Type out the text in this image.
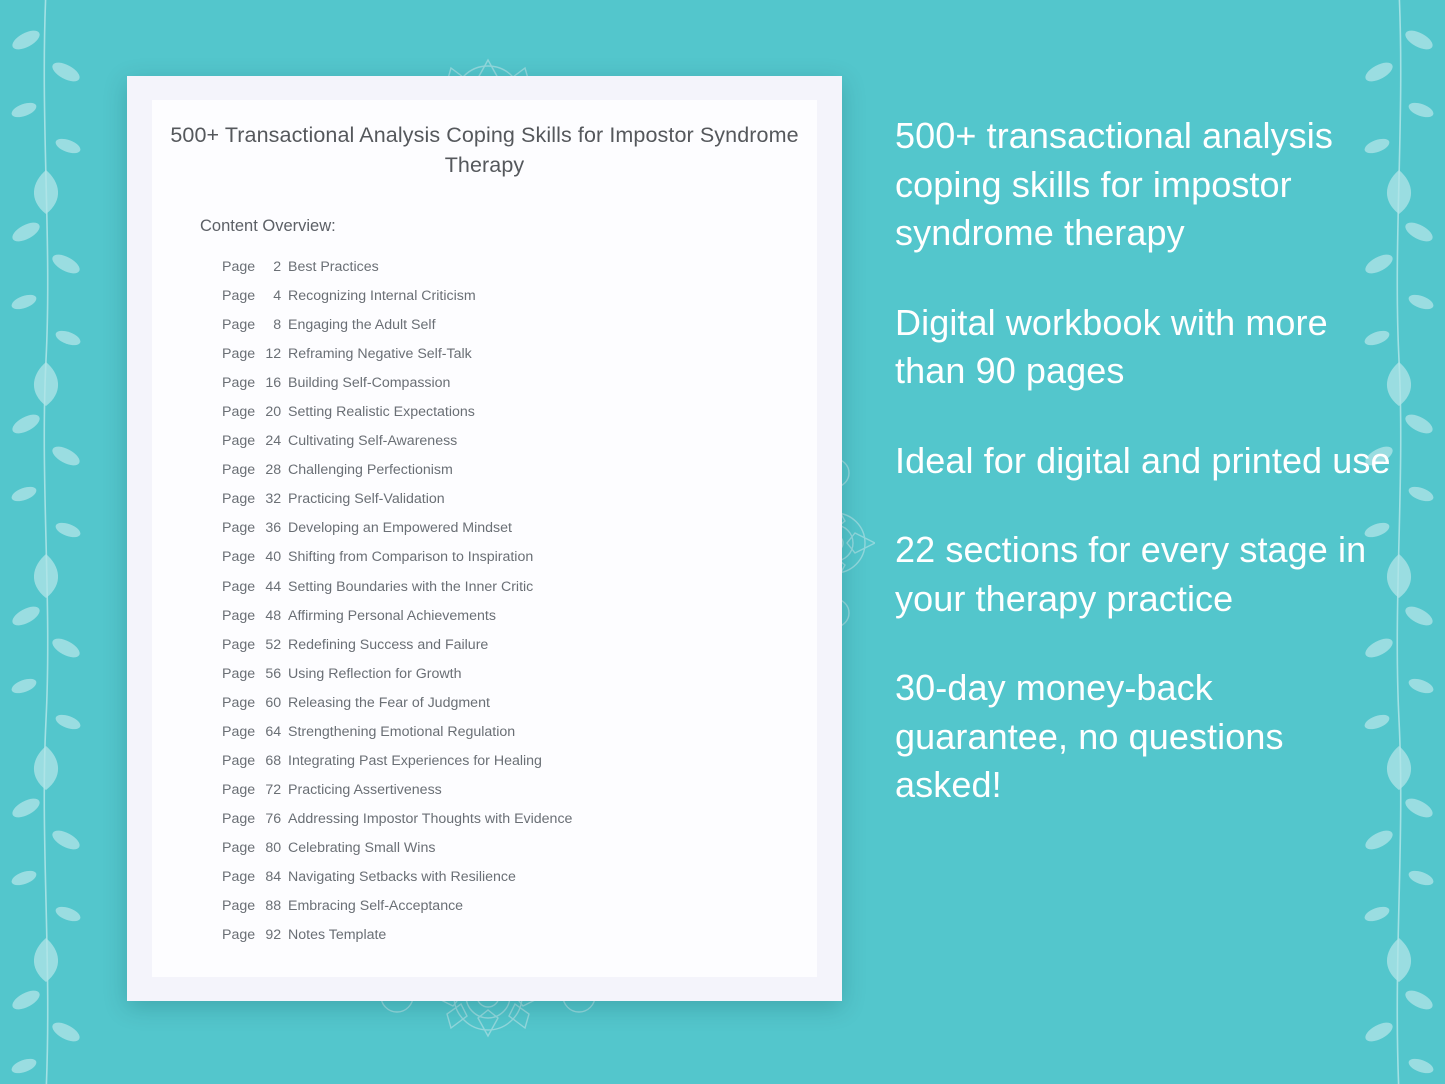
500+ Transactional Analysis Coping Skills for Impostor Syndrome Therapy
Content Overview:
Page 2 Best Practices
Page 4 Recognizing Internal Criticism
Page 8 Engaging the Adult Self
Page 12 Reframing Negative Self-Talk
Page 16 Building Self-Compassion
Page 20 Setting Realistic Expectations
Page 24 Cultivating Self-Awareness
Page 28 Challenging Perfectionism
Page 32 Practicing Self-Validation
Page 36 Developing an Empowered Mindset
Page 40 Shifting from Comparison to Inspiration
Page 44 Setting Boundaries with the Inner Critic
Page 48 Affirming Personal Achievements
Page 52 Redefining Success and Failure
Page 56 Using Reflection for Growth
Page 60 Releasing the Fear of Judgment
Page 64 Strengthening Emotional Regulation
Page 68 Integrating Past Experiences for Healing
Page 72 Practicing Assertiveness
Page 76 Addressing Impostor Thoughts with Evidence
Page 80 Celebrating Small Wins
Page 84 Navigating Setbacks with Resilience
Page 88 Embracing Self-Acceptance
Page 92 Notes Template
500+ transactional analysis coping skills for impostor syndrome therapy
Digital workbook with more than 90 pages
Ideal for digital and printed use
22 sections for every stage in your therapy practice
30-day money-back guarantee, no questions asked!
